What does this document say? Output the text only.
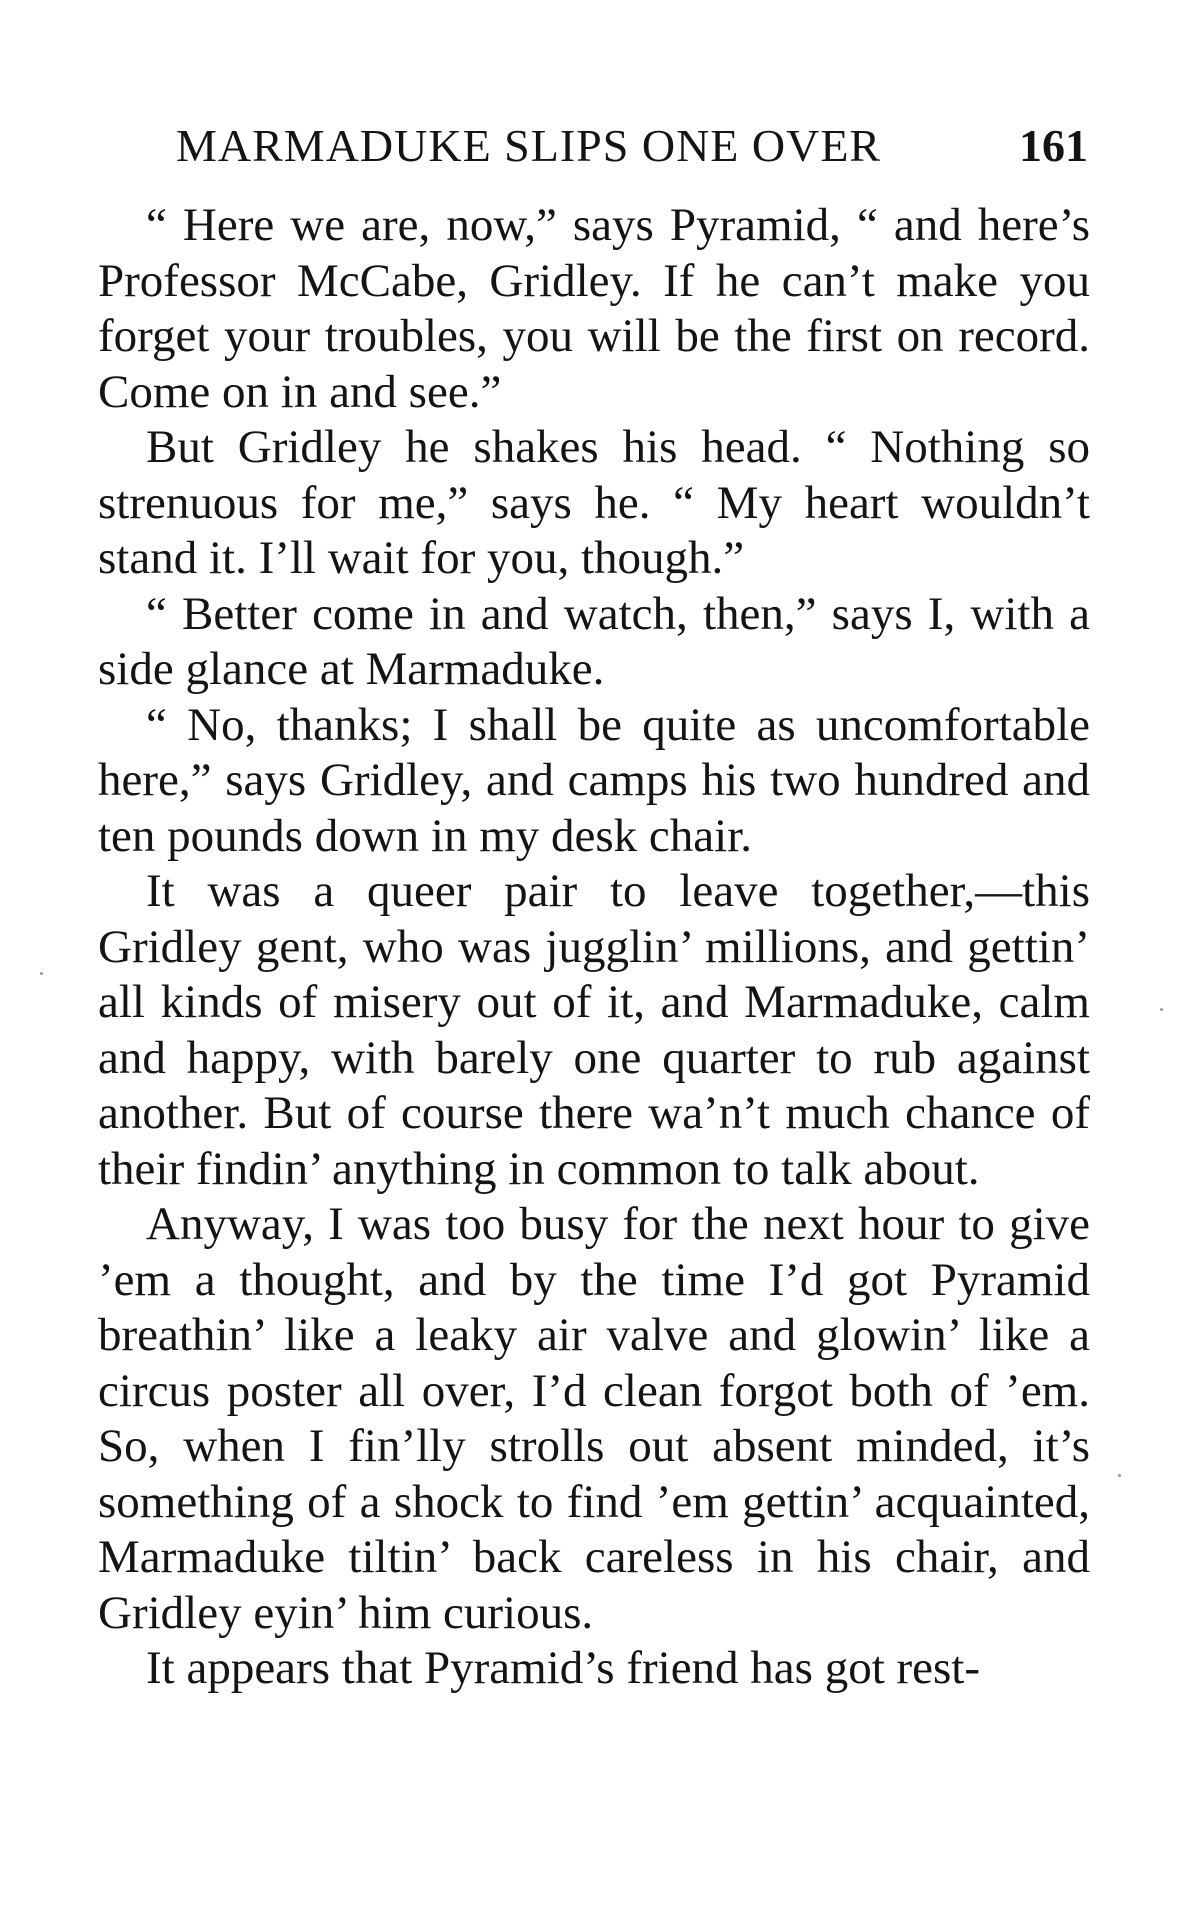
MARMADUKE SLIPS ONE OVER	161

“ Here we are, now,” says Pyramid, “ and here’s Professor McCabe, Gridley. If he can’t make you forget your troubles, you will be the first on record. Come on in and see.”

But Gridley he shakes his head. “ Nothing so strenuous for me,” says he. “ My heart wouldn’t stand it. I’ll wait for you, though.”

“ Better come in and watch, then,” says I, with a side glance at Marmaduke.

“ No, thanks; I shall be quite as uncomfortable here,” says Gridley, and camps his two hundred and ten pounds down in my desk chair.

It was a queer pair to leave together,—this Gridley gent, who was jugglin’ millions, and gettin’ all kinds of misery out of it, and Marmaduke, calm and happy, with barely one quarter to rub against another. But of course there wa’n’t much chance of their findin’ anything in common to talk about.

Anyway, I was too busy for the next hour to give ’em a thought, and by the time I’d got Pyramid breathin’ like a leaky air valve and glowin’ like a circus poster all over, I’d clean forgot both of ’em. So, when I fin’lly strolls out absent minded, it’s something of a shock to find ’em gettin’ acquainted, Marmaduke tiltin’ back careless in his chair, and Gridley eyin’ him curious.

It appears that Pyramid’s friend has got rest-
